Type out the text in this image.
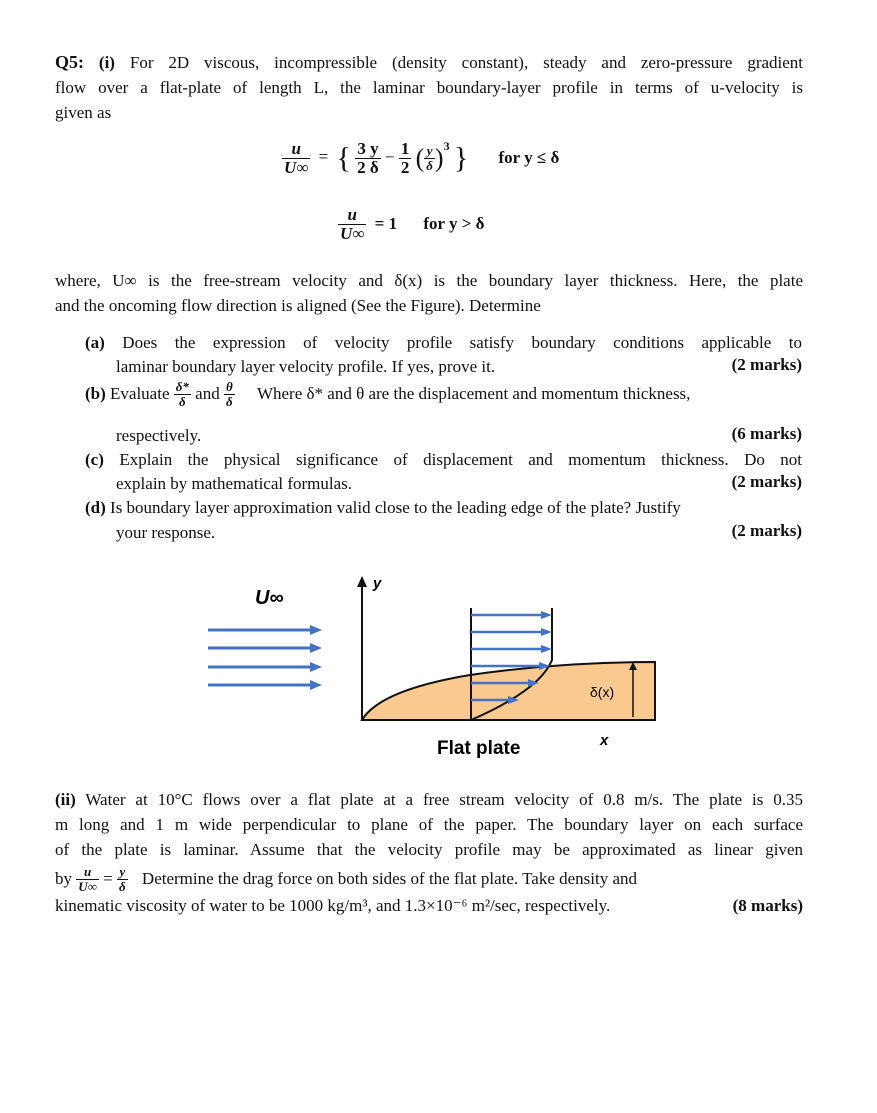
Q5: (i) For 2D viscous, incompressible (density constant), steady and zero-pressure gradient
flow over a flat-plate of length L, the laminar boundary-layer profile in terms of u-velocity is
given as
$\frac{u}{U\infty}$ = { $\frac{3 y}{2 \delta} - \frac{1}{2}$ ( $\frac{y}{\delta} )^3$ } for y ≤ δ
$\frac{u}{U\infty} = 1$ for y > δ
where, U∞ is the free-stream velocity and δ(x) is the boundary layer thickness. Here, the plate
and the oncoming flow direction is aligned (See the Figure). Determine
(a) Does the expression of velocity profile satisfy boundary conditions applicable to
laminar boundary layer velocity profile. If yes, prove it.	(2 marks)
(b) Evaluate $\frac{\delta*}{\delta}$ and $\frac{\theta}{\delta}$ Where δ* and θ are the displacement and momentum thickness,
respectively.	(6 marks)
(c) Explain the physical significance of displacement and momentum thickness. Do not
explain by mathematical formulas.	(2 marks)
(d) Is boundary layer approximation valid close to the leading edge of the plate? Justify
your response.	(2 marks)
U∞
y
δ(x)
Flat plate	x
(ii) Water at 10°C flows over a flat plate at a free stream velocity of 0.8 m/s. The plate is 0.35
m long and 1 m wide perpendicular to plane of the paper. The boundary layer on each surface
of the plate is laminar. Assume that the velocity profile may be approximated as linear given
by $\frac{u}{U\infty} = \frac{y}{\delta}$ Determine the drag force on both sides of the flat plate. Take density and
kinematic viscosity of water to be 1000 kg/m³, and 1.3×10⁻⁶ m²/sec, respectively.	(8 marks)
